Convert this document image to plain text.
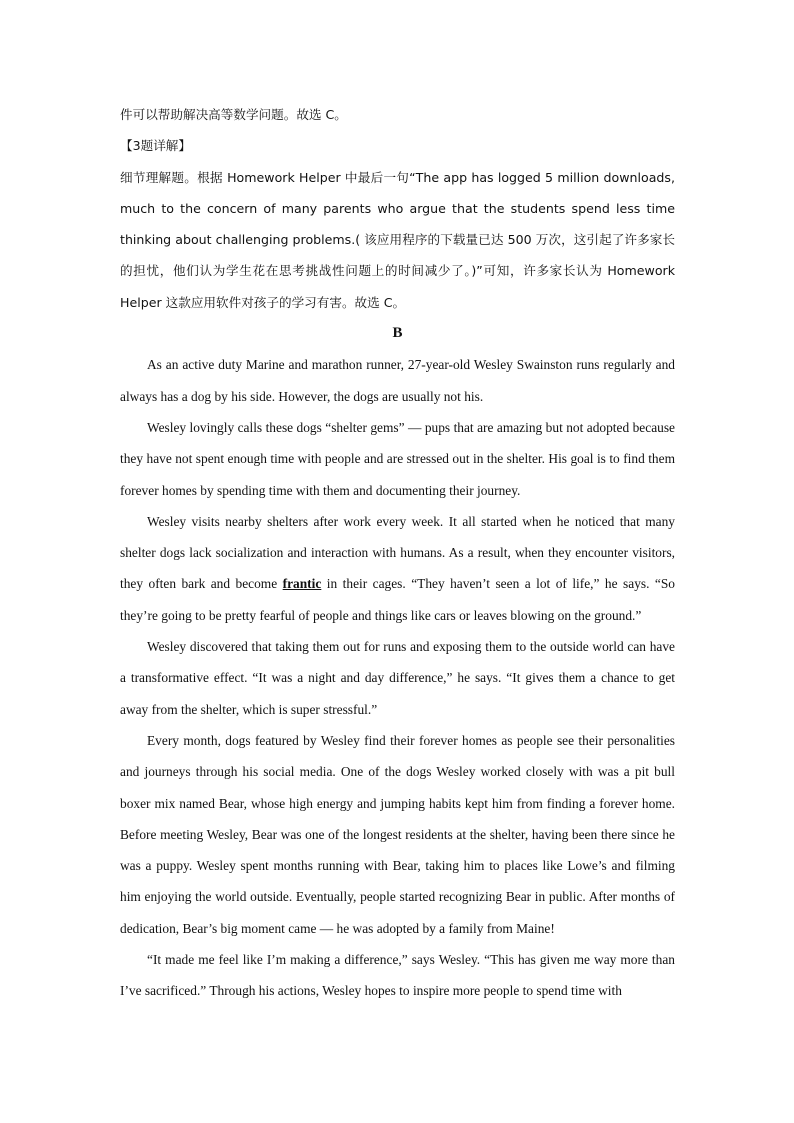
件可以帮助解决高等数学问题。故选 C。

【3题详解】

细节理解题。根据 Homework Helper 中最后一句“The app has logged 5 million downloads, much to the concern of many parents who argue that the students spend less time thinking about challenging problems.( 该应用程序的下载量已达 500 万次，这引起了许多家长的担忧，他们认为学生花在思考挑战性问题上的时间减少了。)”可知，许多家长认为 Homework Helper 这款应用软件对孩子的学习有害。故选 C。

B

As an active duty Marine and marathon runner, 27-year-old Wesley Swainston runs regularly and always has a dog by his side. However, the dogs are usually not his.

Wesley lovingly calls these dogs “shelter gems” — pups that are amazing but not adopted because they have not spent enough time with people and are stressed out in the shelter. His goal is to find them forever homes by spending time with them and documenting their journey.

Wesley visits nearby shelters after work every week. It all started when he noticed that many shelter dogs lack socialization and interaction with humans. As a result, when they encounter visitors, they often bark and become frantic in their cages. “They haven’t seen a lot of life,” he says. “So they’re going to be pretty fearful of people and things like cars or leaves blowing on the ground.”

Wesley discovered that taking them out for runs and exposing them to the outside world can have a transformative effect. “It was a night and day difference,” he says. “It gives them a chance to get away from the shelter, which is super stressful.”

Every month, dogs featured by Wesley find their forever homes as people see their personalities and journeys through his social media. One of the dogs Wesley worked closely with was a pit bull boxer mix named Bear, whose high energy and jumping habits kept him from finding a forever home. Before meeting Wesley, Bear was one of the longest residents at the shelter, having been there since he was a puppy. Wesley spent months running with Bear, taking him to places like Lowe’s and filming him enjoying the world outside. Eventually, people started recognizing Bear in public. After months of dedication, Bear’s big moment came — he was adopted by a family from Maine!

“It made me feel like I’m making a difference,” says Wesley. “This has given me way more than I’ve sacrificed.” Through his actions, Wesley hopes to inspire more people to spend time with
